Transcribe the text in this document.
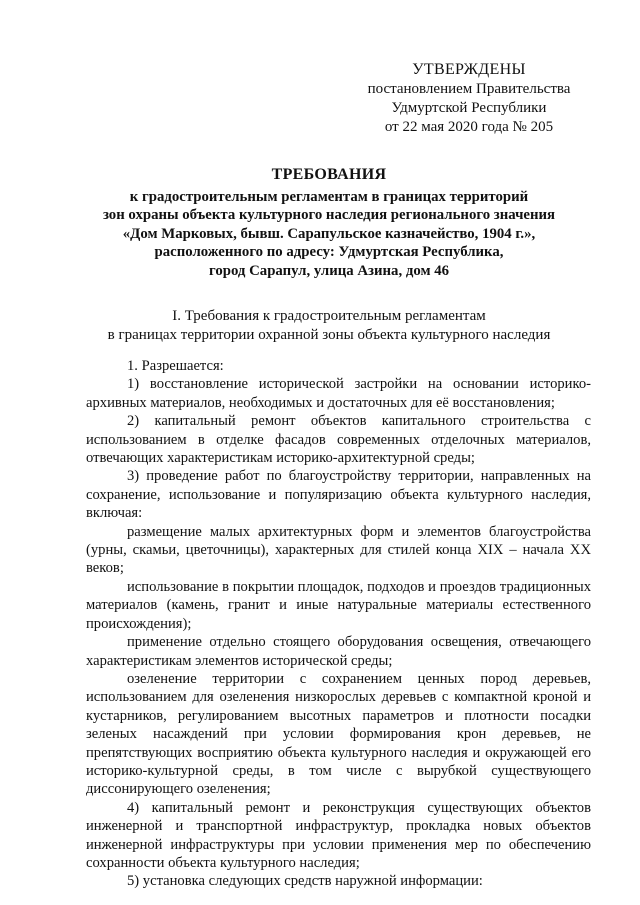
УТВЕРЖДЕНЫ
постановлением Правительства
Удмуртской Республики
от 22 мая 2020 года № 205
ТРЕБОВАНИЯ
к градостроительным регламентам в границах территорий
зон охраны объекта культурного наследия регионального значения
«Дом Марковых, бывш. Сарапульское казначейство, 1904 г.»,
расположенного по адресу: Удмуртская Республика,
город Сарапул, улица Азина, дом 46
I. Требования к градостроительным регламентам
в границах территории охранной зоны объекта культурного наследия

1. Разрешается:

1) восстановление исторической застройки на основании историко-архивных материалов, необходимых и достаточных для её восстановления;

2) капитальный ремонт объектов капитального строительства с использованием в отделке фасадов современных отделочных материалов, отвечающих характеристикам историко-архитектурной среды;

3) проведение работ по благоустройству территории, направленных на сохранение, использование и популяризацию объекта культурного наследия, включая:

размещение малых архитектурных форм и элементов благоустройства (урны, скамьи, цветочницы), характерных для стилей конца XIX – начала XX веков;

использование в покрытии площадок, подходов и проездов традиционных материалов (камень, гранит и иные натуральные материалы естественного происхождения);

применение отдельно стоящего оборудования освещения, отвечающего характеристикам элементов исторической среды;

озеленение территории с сохранением ценных пород деревьев, использованием для озеленения низкорослых деревьев с компактной кроной и кустарников, регулированием высотных параметров и плотности посадки зеленых насаждений при условии формирования крон деревьев, не препятствующих восприятию объекта культурного наследия и окружающей его историко-культурной среды, в том числе с вырубкой существующего диссонирующего озеленения;

4) капитальный ремонт и реконструкция существующих объектов инженерной и транспортной инфраструктур, прокладка новых объектов инженерной инфраструктуры при условии применения мер по обеспечению сохранности объекта культурного наследия;

5) установка следующих средств наружной информации:
